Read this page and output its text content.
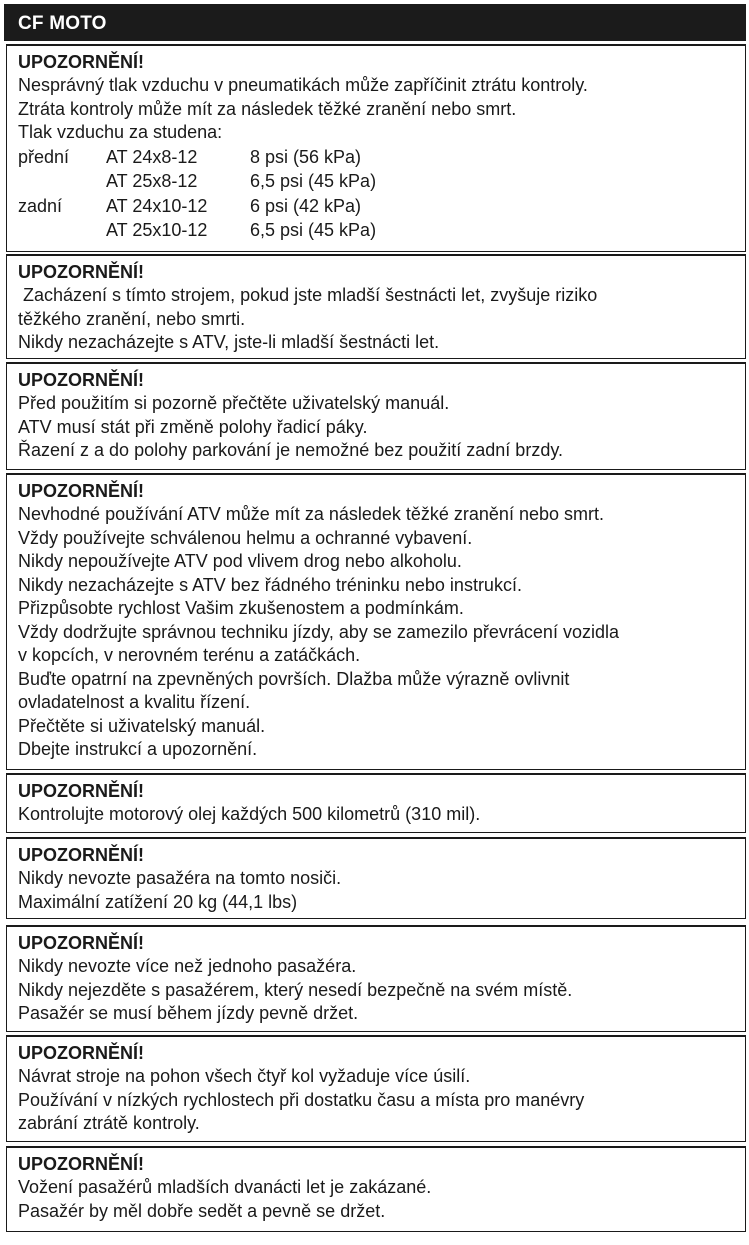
CF MOTO
UPOZORNĚNÍ!
Nesprávný tlak vzduchu v pneumatikách může zapříčinit ztrátu kontroly.
Ztráta kontroly může mít za následek těžké zranění nebo smrt.
Tlak vzduchu za studena:
přední AT 24x8-12	8 psi (56 kPa)
AT 25x8-12	6,5 psi (45 kPa)
zadní AT 24x10-12 6 psi (42 kPa)
AT 25x10-12 6,5 psi (45 kPa)
UPOZORNĚNÍ!
Zacházení s tímto strojem, pokud jste mladší šestnácti let, zvyšuje riziko
těžkého zranění, nebo smrti.
Nikdy nezacházejte s ATV, jste-li mladší šestnácti let.
UPOZORNĚNÍ!
Před použitím si pozorně přečtěte uživatelský manuál.
ATV musí stát při změně polohy řadicí páky.
Řazení z a do polohy parkování je nemožné bez použití zadní brzdy.
UPOZORNĚNÍ!
Nevhodné používání ATV může mít za následek těžké zranění nebo smrt.
Vždy používejte schválenou helmu a ochranné vybavení.
Nikdy nepoužívejte ATV pod vlivem drog nebo alkoholu.
Nikdy nezacházejte s ATV bez řádného tréninku nebo instrukcí.
Přizpůsobte rychlost Vašim zkušenostem a podmínkám.
Vždy dodržujte správnou techniku jízdy, aby se zamezilo převrácení vozidla
v kopcích, v nerovném terénu a zatáčkách.
Buďte opatrní na zpevněných površích. Dlažba může výrazně ovlivnit
ovladatelnost a kvalitu řízení.
Přečtěte si uživatelský manuál.
Dbejte instrukcí a upozornění.
UPOZORNĚNÍ!
Kontrolujte motorový olej každých 500 kilometrů (310 mil).
UPOZORNĚNÍ!
Nikdy nevozte pasažéra na tomto nosiči.
Maximální zatížení 20 kg (44,1 lbs)
UPOZORNĚNÍ!
Nikdy nevozte více než jednoho pasažéra.
Nikdy nejezděte s pasažérem, který nesedí bezpečně na svém místě.
Pasažér se musí během jízdy pevně držet.
UPOZORNĚNÍ!
Návrat stroje na pohon všech čtyř kol vyžaduje více úsilí.
Používání v nízkých rychlostech při dostatku času a místa pro manévry
zabrání ztrátě kontroly.
UPOZORNĚNÍ!
Vožení pasažérů mladších dvanácti let je zakázané.
Pasažér by měl dobře sedět a pevně se držet.
